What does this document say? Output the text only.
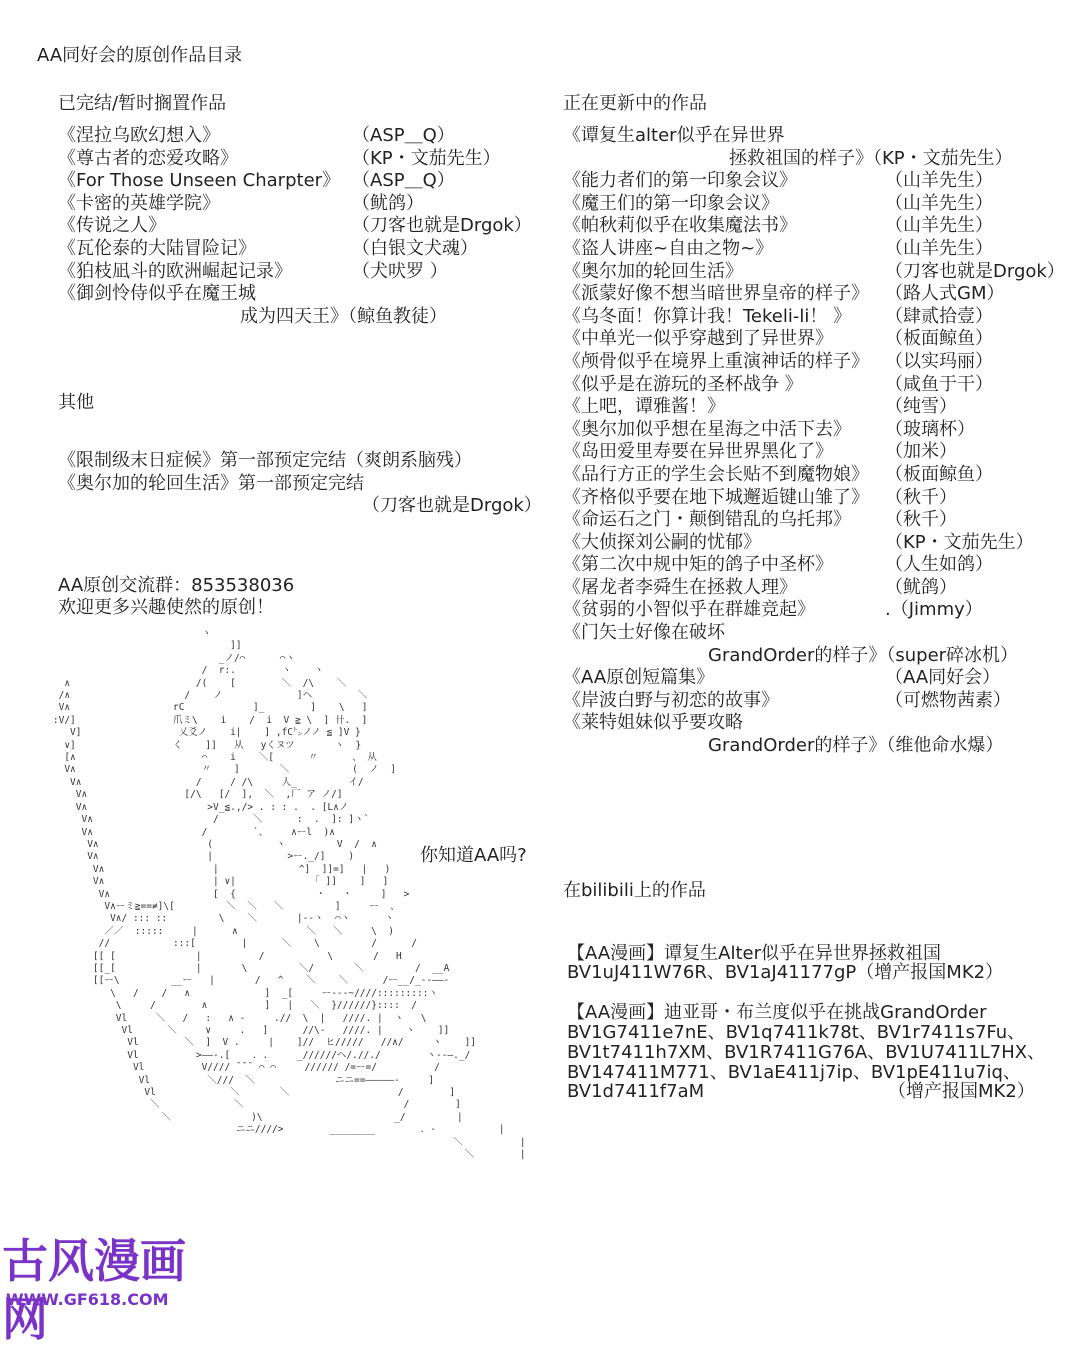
AA同好会的原创作品目录
已完结/暂时搁置作品	正在更新中的作品
《涅拉乌欧幻想入》	（ASP＿Q）
《尊古者的恋爱攻略》	（KP・文茄先生）
《For Those Unseen Charpter》 （ASP＿Q）
《卡密的英雄学院》	（鱿鸽）
《传说之人》	（刀客也就是Drgok）
《瓦伦泰的大陆冒险记》	（白银文犬魂）
《狛枝凪斗的欧洲崛起记录》	（犬吠罗 ）
《御剑怜侍似乎在魔王城
成为四天王》（鲸鱼教徒）
《谭复生alter似乎在异世界
拯救祖国的样子》（KP・文茄先生）
《能力者们的第一印象会议》	（山羊先生）
《魔王们的第一印象会议》	（山羊先生）
《帕秋莉似乎在收集魔法书》	（山羊先生）
《盗人讲座~自由之物~》	（山羊先生）
《奥尔加的轮回生活》	（刀客也就是Drgok）
《派蒙好像不想当暗世界皇帝的样子》 （路人式GM）
《乌冬面！你算计我！Tekeli-li！ 》 （肆贰拾壹）
《中单光一似乎穿越到了异世界》	（板面鲸鱼）
《颅骨似乎在境界上重演神话的样子》 （以实玛丽）
《似乎是在游玩的圣杯战争 》	（咸鱼于干）
《上吧，谭雅酱！》	（纯雪）
《奥尔加似乎想在星海之中活下去》 （玻璃杯）
《岛田爱里寿要在异世界黑化了》	（加米）
《品行方正的学生会长贴不到魔物娘》 （板面鲸鱼）
《齐格似乎要在地下城邂逅键山雏了》 （秋千）
《命运石之门・颠倒错乱的乌托邦》 （秋千）
《大侦探刘公嗣的忧郁》	（KP・文茄先生）
《第二次中规中矩的鸽子中圣杯》	（人生如鸽）
《屠龙者李舜生在拯救人理》	（鱿鸽）
《贫弱的小智似乎在群雄竞起》	.（Jimmy）
《门矢士好像在破坏
GrandOrder的样子》（super碎冰机）
《AA原创短篇集》	（AA同好会）
《岸波白野与初恋的故事》	（可燃物茜素）
《莱特姐妹似乎要攻略
GrandOrder的样子》（维他命水爆）
其他
《限制级末日症候》第一部预定完结（爽朗系脑残）
《奥尔加的轮回生活》第一部预定完结
（刀客也就是Drgok）
AA原创交流群：853538036
欢迎更多兴趣使然的原创！
ヽ
]]
_ノ/⌒      ⌒ヽ
/  r:.        ヽ    ヽ
∧                      /(    [        ＼  /\    ＼
/∧                    /    ノ             ]ヘ        ＼
V∧                  rC            ]_        ]    \   ]
:V/]                 爪ミ\    i    /  i  V ≧ \  ] 卄.  ]
V]                 乂爻ノ    i|    ] ,fC㌧ノノ ≦ ]V }
∨]                 く    ]]   从   yくヌツ       ヽ  }
[∧                      ⌒    i    ＼[      〃      、 从
V∧                      〃    ]       ＼           (  ノ  ]
V∧                    /     / /\     人_         イ/
V∧                 [/\   [/  ],  ＼  ,厂 ア ノ/]
V∧                     >V_≦.,/> . : : .  . [L∧ノ
V∧                     /      ＼      :  .  ]: ]ヽ`
V∧                   /        `、    ∧ーl  )∧
V∧                   (           ヽ         V  /  ∧
V∧                   |             >ー._/]    )
V∧                   |              ^]  ]]=]   |   )
V∧                   | ∨|             「 ]]    ]   ]
V∧                  [  {              ・   ・     ]   >
V∧ーミ≧==≠]\[         ＼  ＼   ＼         ]     ー  、
V∧/ ::: ::         \    ＼       |--ヽ  ⌒ヽ      ヽ
／／  :::::     |      ∧            ＼   ＼     \  )
//           :::[        |      ＼    \         /      /
[[ [              |          /           \       /   H
[[_[              |       \         ＼/       ＼         /  __A
[[ー\         __ー   |       /   ^    ＼    ＼      /ー__/_--——-
\   /    /   ∧             ]  _[     ー---~////:::::::::ヽ
\     /        ∧          ]   |   ＼  }//////}::::  /
Vl     ＼   /   :   ∧ -     .//  \  |   ////. |  ヽ   \
Vl      ＼     ∨     .   ]      //\-   ////. |    ヽ    ]]
Vl        ＼  ]  V .     |    ]//  ヒ/////   //∧/     ヽ    ]]
Vl          >——-.[    ．.     _//////ヘ/.//./        ヽ--—._/
Vl          V//// ¯¯¯ ⌒ ⌒     ////// /=ー=/          /
Vl          ＼///  ＼              ニニ==—————-     ]
Vl             ＼       ＼                   /        ]
＼             ＼                            /        ]
＼              )\                       _/         |
ニニ////>        ________        ．-           |
＼          |
＼        |

你知道AA吗?
在bilibili上的作品
【AA漫画】谭复生Alter似乎在异世界拯救祖国
BV1uJ411W76R、BV1aJ41177gP（增产报国MK2）
【AA漫画】迪亚哥・布兰度似乎在挑战GrandOrder
BV1G7411e7nE、BV1q7411k78t、BV1r7411s7Fu、
BV1t7411h7XM、BV1R7411G76A、BV1U7411L7HX、
BV147411M771、BV1aE411j7ip、BV1pE411u7iq、
BV1d7411f7aM	（增产报国MK2）
古风漫画网
WWW.GF618.COM
